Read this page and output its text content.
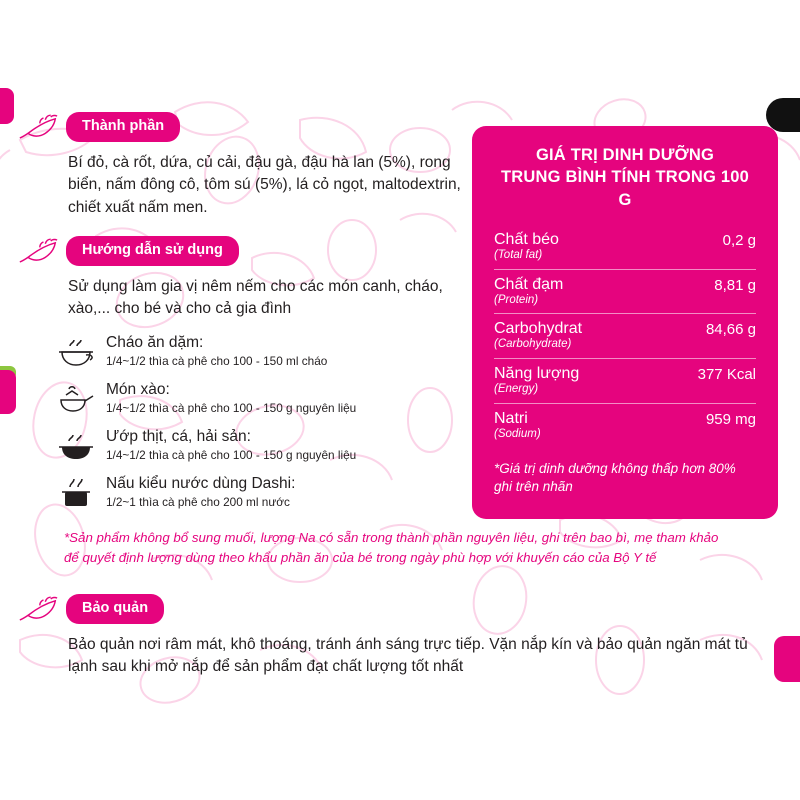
Thành phần

Bí đỏ, cà rốt, dứa, củ cải, đậu gà, đậu hà lan (5%), rong biển, nấm đông cô, tôm sú (5%), lá cỏ ngọt, maltodextrin, chiết xuất nấm men.

Hướng dẫn sử dụng

Sử dụng làm gia vị nêm nếm cho các món canh, cháo, xào,... cho bé và cho cả gia đình

Cháo ăn dặm:

1/4~1/2 thìa cà phê cho 100 - 150 ml cháo

Món xào:

1/4~1/2 thìa cà phê cho 100 - 150 g nguyên liệu

Ướp thịt, cá, hải sản:

1/4~1/2 thìa cà phê cho 100 - 150 g nguyên liệu

Nấu kiểu nước dùng Dashi:

1/2~1 thìa cà phê cho 200 ml nước

*Sản phẩm không bổ sung muối, lượng Na có sẵn trong thành phần nguyên liệu, ghi trên bao bì, mẹ tham khảo để quyết định lượng dùng theo khẩu phần ăn của bé trong ngày phù hợp với khuyến cáo của Bộ Y tế

Bảo quản

Bảo quản nơi râm mát, khô thoáng, tránh ánh sáng trực tiếp. Vặn nắp kín và bảo quản ngăn mát tủ lạnh sau khi mở nắp để sản phẩm đạt chất lượng tốt nhất

GIÁ TRỊ DINH DƯỠNG
TRUNG BÌNH TÍNH TRONG 100 G
Chất béo
(Total fat)
0,2 g
Chất đạm
(Protein)
8,81 g
Carbohydrat
(Carbohydrate)
84,66 g
Năng lượng
(Energy)
377 Kcal
Natri
(Sodium)
959 mg

*Giá trị dinh dưỡng không thấp hơn 80% ghi trên nhãn
